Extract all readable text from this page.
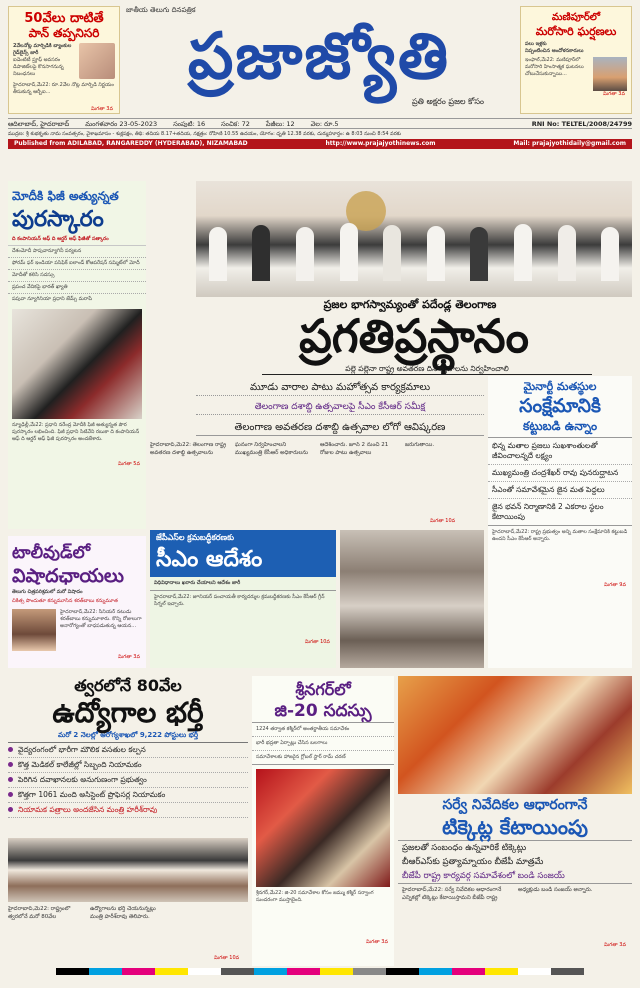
50వేలు దాటితే
పాన్ తప్పనిసరి
2వేలనోట్ల మార్పిడికి బ్యాంకుల
గైడ్‌లైన్స్ జారీ
ఐడెంటిటీ ప్రూఫ్ అవసరం
డిపాజిట్‌లపై కొనసాగనున్న నిబంధనలు
హైదరాబాద్,మే22: రూ.2వేల నోట్ల మార్పిడి నిర్ణయం తీసుకున్న ఆర్బీఐ...
మిగతా 3వ
జాతీయ తెలుగు దినపత్రిక
ప్రజాజ్యోతి
ప్రతి అక్షరం ప్రజల కోసం
మణిపూర్‌లో
మరోసారి ఘర్షణలు
పలు ఇళ్లకు
నిప్పంటించిన ఆందోళనకారులు
ఇంఫాల్,మే22: మణిపూర్‌లో మరోసారి హింసాత్మక ఘటనలు చోటుచేసుకున్నాయి...
మిగతా 3వ
ఆదిలాబాద్, హైదరాబాద్ మంగళవారం 23-05-2023 సంపుటి: 16 సంచిక: 72 పేజీలు: 12 వెల: రూ.5	RNI No: TELTEL/2008/24799
ముద్రణ: శ్రీ శుభకృతు నామ సంవత్సరం, వైశాఖమాసం - శుక్లపక్షం, తిథి: తదియ 8.17+తదియ, నక్షత్రం: రోహిణి 10.55 ఉదయం, యోగం: ధృతి 12.38 వరకు, దుర్ముహూర్తం: ఉ 8:03 నుంచి 8:54 వరకు
Published from ADILABAD, RANGAREDDY (HYDERABAD), NIZAMABAD	http://www.prajajyothinews.com	Mail: prajajyothidaily@gmail.com
మోదీకి ఫిజీ అత్యున్నత
పురస్కారం
ది కంపానియన్ ఆఫ్ ది ఆర్డర్ ఆఫ్ ఫిజీతో సత్కారం
దేశంమోదీ పాపువాన్యూగినీ పర్యటన
ఫోరమ్ ఫర్ ఇండియా పసిఫిక్ ఐలాండ్ కోఆపరేషన్ సమ్మిట్‌లో మోదీ
మోదీతో కలిసి సదస్సు
ప్రపంచ వేదికపై భారత్ ఖ్యాతి
పపువా న్యూగినియా ప్రధాని జేమ్స్ మరాపే
న్యూఢిల్లీ,మే22: ప్రధాని నరేంద్ర మోదీకి ఫిజీ అత్యున్నత పౌర పురస్కారం లభించింది. ఫిజీ ప్రధాని సిటివేని రబుకా ది కంపానియన్ ఆఫ్ ది ఆర్డర్ ఆఫ్ ఫిజీ పురస్కారం అందజేశారు.
మిగతా 5వ
టాలీవుడ్‌లో
విషాదఛాయలు
తెలుగు చిత్రపరిశ్రమలో మరో విషాదం
చికిత్స పొందుతూ కన్నుమూసిన శరత్‌బాబు కన్నుమూత
హైదరాబాద్,మే22: సీనియర్ నటుడు శరత్‌బాబు కన్నుమూశారు. కొన్ని రోజులుగా అనారోగ్యంతో బాధపడుతున్న ఆయన...
మిగతా 3వ
ప్రజల భాగస్వామ్యంతో పదేండ్ల తెలంగాణ
ప్రగతిప్రస్థానం
పల్లె పల్లెనా రాష్ట్ర అవతరణ దినోత్సవాలను నిర్వహించాలి
మూడు వారాల పాటు మహోత్సవ కార్యక్రమాలు
తెలంగాణ దశాబ్ది ఉత్సవాలపై సీఎం కేసీఆర్ సమీక్ష
తెలంగాణ అవతరణ దశాబ్ది ఉత్సవాల లోగో ఆవిష్కరణ
హైదరాబాద్,మే22: తెలంగాణ రాష్ట్ర అవతరణ దశాబ్ది ఉత్సవాలను ఘనంగా నిర్వహించాలని ముఖ్యమంత్రి కేసీఆర్ అధికారులను ఆదేశించారు. జూన్ 2 నుంచి 21 రోజుల పాటు ఉత్సవాలు జరుగుతాయి.
మిగతా 10వ
మైనార్టీ మతస్థుల
సంక్షేమానికి
కట్టుబడి ఉన్నాం
భిన్న మతాల ప్రజలు సుఖశాంతులతో జీవించాలన్నదే లక్ష్యం
ముఖ్యమంత్రి చంద్రశేఖర్ రావు పునరుద్ఘాటన
సీఎంతో సమావేశమైన జైన మత పెద్దలు
జైన భవన్ నిర్మాణానికి 2 ఎకరాల స్థలం కేటాయింపు
హైదరాబాద్,మే22: రాష్ట్ర ప్రభుత్వం అన్ని మతాల సంక్షేమానికి కట్టుబడి ఉందని సీఎం కేసీఆర్ అన్నారు.
మిగతా 9వ
జేపీఎస్‌ల క్రమబద్ధీకరణకు
సీఎం ఆదేశం
విధివిధానాలు ఖరారు చేయాలని ఆదేశం జారీ
హైదరాబాద్,మే22: జూనియర్ పంచాయతీ కార్యదర్శుల క్రమబద్ధీకరణకు సీఎం కేసీఆర్ గ్రీన్ సిగ్నల్ ఇచ్చారు.
మిగతా 10వ
త్వరలోనే 80వేల
ఉద్యోగాల భర్తీ
మరో 2 నెలల్లో ఆరోగ్యశాఖలో 9,222 పోస్టులు భర్తీ
వైద్యరంగంలో భారీగా మౌలిక వసతుల కల్పన
కొత్త మెడికల్ కాలేజీల్లో సిబ్బంది నియామకం
పెరిగిన దవాఖానలకు అనుగుణంగా ప్రభుత్వం
కొత్తగా 1061 మంది అసిస్టెంట్ ప్రొఫెసర్ల నియామకం
నియామక పత్రాలు అందజేసిన మంత్రి హరీశ్‌రావు
హైదరాబాద్,మే22: రాష్ట్రంలో త్వరలోనే మరో 80వేల ఉద్యోగాలను భర్తీ చేయనున్నట్లు మంత్రి హరీశ్‌రావు తెలిపారు.
మిగతా 10వ
శ్రీనగర్‌లో
జి-20 సదస్సు
1224 తర్వాత కశ్మీర్‌లో అంతర్జాతీయ సమావేశం
భారీ భద్రతా ఏర్పాట్లు చేసిన బలగాలు
సమావేశాలకు హాజరైన గ్లోబల్ స్టార్ రామ్ చరణ్
శ్రీనగర్,మే22: జి-20 సమావేశాల కోసం జమ్ము కశ్మీర్ సర్వాంగ సుందరంగా ముస్తాబైంది.
మిగతా 3వ
సర్వే నివేదికల ఆధారంగానే
టిక్కెట్ల కేటాయింపు
ప్రజలతో సంబంధం ఉన్నవారికే టిక్కెట్లు
బీఆర్ఎస్‌కు ప్రత్యామ్నాయం బీజేపీ మాత్రమే
బీజేపీ రాష్ట్ర కార్యవర్గ సమావేశంలో బండి సంజయ్
హైదరాబాద్,మే22: సర్వే నివేదికల ఆధారంగానే ఎన్నికల్లో టిక్కెట్లు కేటాయిస్తామని బీజేపీ రాష్ట్ర అధ్యక్షుడు బండి సంజయ్ అన్నారు.
మిగతా 3వ
